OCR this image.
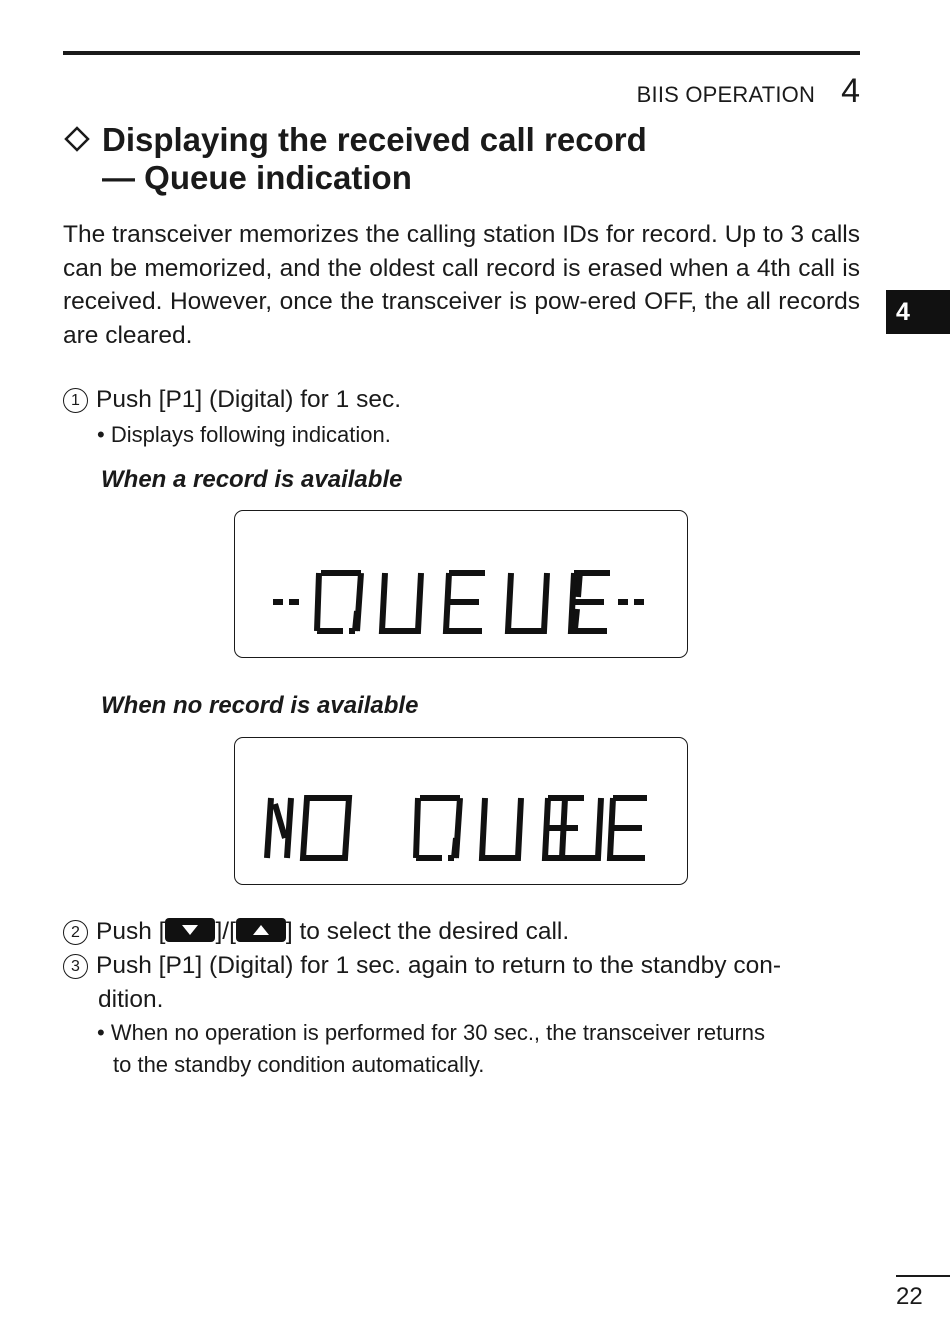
BIIS OPERATION 4
4
Displaying the received call record
— Queue indication

The transceiver memorizes the calling station IDs for record. Up to 3 calls can be memorized, and the oldest call record is erased when a 4th call is received. However, once the transceiver is pow-ered OFF, the all records are cleared.

1 Push [P1] (Digital) for 1 sec.
• Displays following indication.
When a record is available
When no record is available
2 Push [ ]/[ ] to select the desired call.
3 Push [P1] (Digital) for 1 sec. again to return to the standby con-
dition.
• When no operation is performed for 30 sec., the transceiver returns
to the standby condition automatically.
22
